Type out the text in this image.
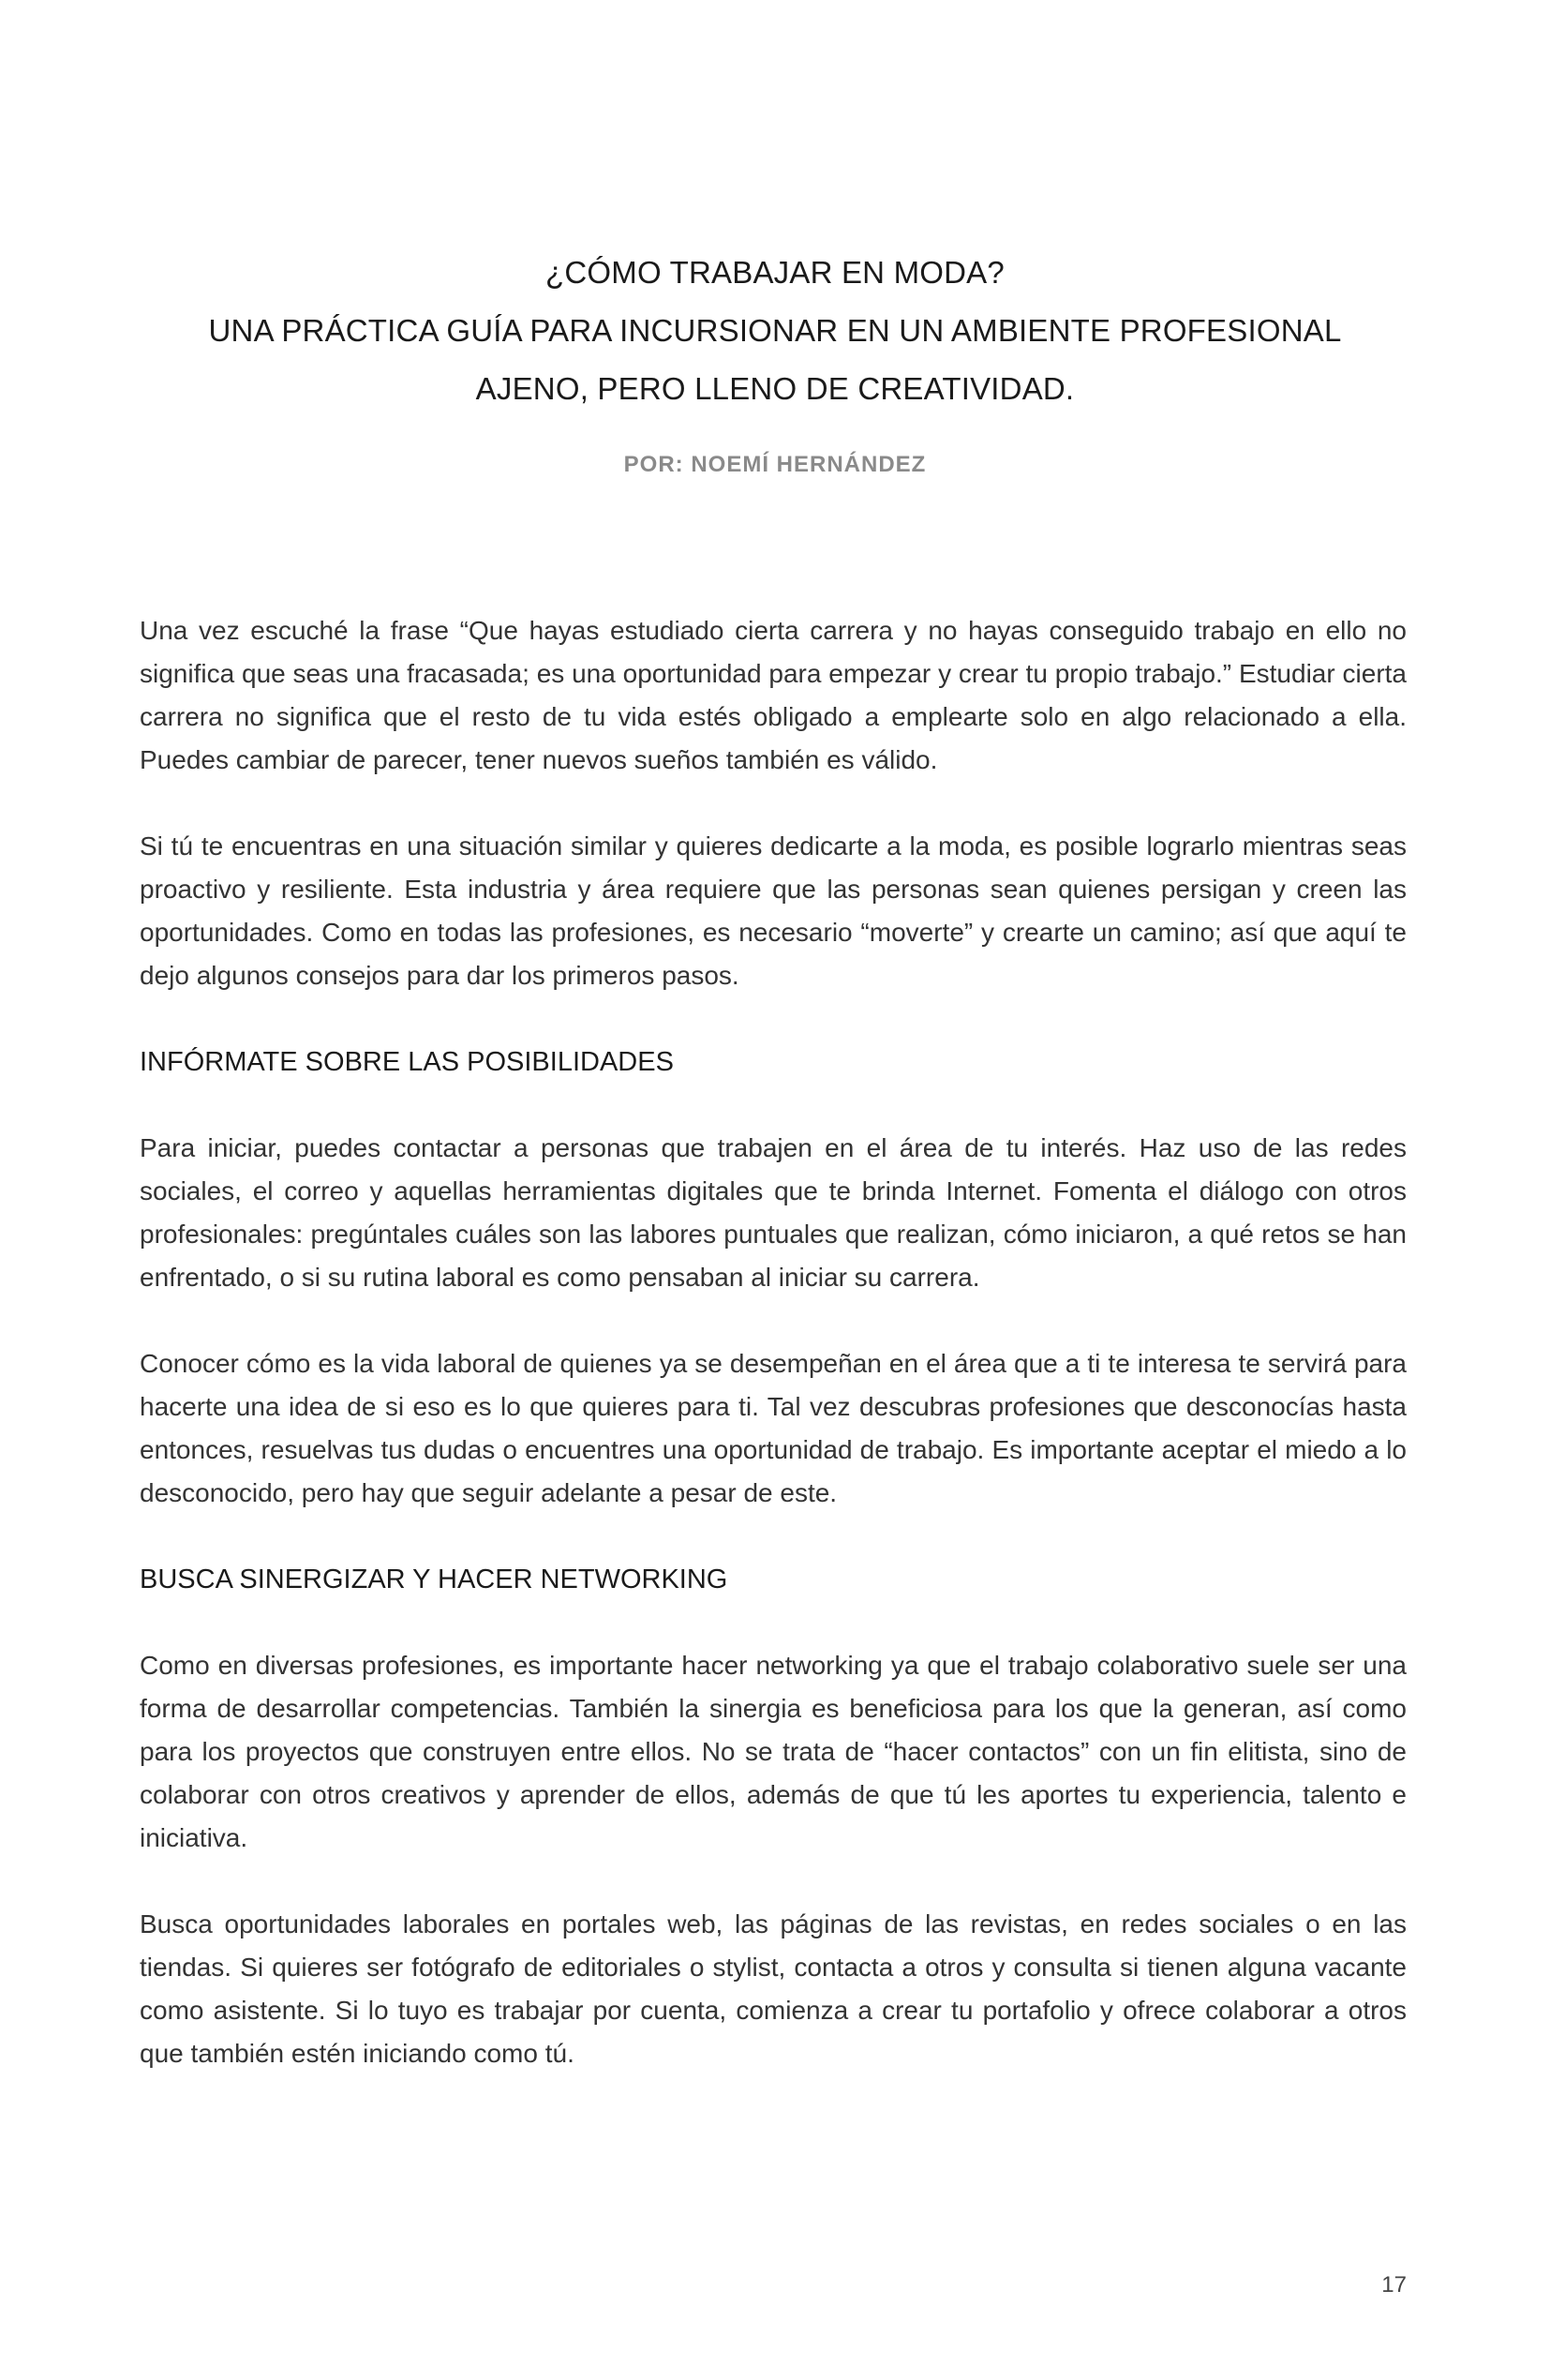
¿CÓMO TRABAJAR EN MODA?
UNA PRÁCTICA GUÍA PARA INCURSIONAR EN UN AMBIENTE PROFESIONAL
AJENO, PERO LLENO DE CREATIVIDAD.
POR: NOEMÍ HERNÁNDEZ

Una vez escuché la frase “Que hayas estudiado cierta carrera y no hayas conseguido trabajo en ello no significa que seas una fracasada; es una oportunidad para empezar y crear tu propio trabajo.” Estudiar cierta carrera no significa que el resto de tu vida estés obligado a emplearte solo en algo relacionado a ella. Puedes cambiar de parecer, tener nuevos sueños también es válido.

Si tú te encuentras en una situación similar y quieres dedicarte a la moda, es posible lograrlo mientras seas proactivo y resiliente. Esta industria y área requiere que las personas sean quienes persigan y creen las oportunidades. Como en todas las profesiones, es necesario “moverte” y crearte un camino; así que aquí te dejo algunos consejos para dar los primeros pasos.

INFÓRMATE SOBRE LAS POSIBILIDADES

Para iniciar, puedes contactar a personas que trabajen en el área de tu interés. Haz uso de las redes sociales, el correo y aquellas herramientas digitales que te brinda Internet. Fomenta el diálogo con otros profesionales: pregúntales cuáles son las labores puntuales que realizan, cómo iniciaron, a qué retos se han enfrentado, o si su rutina laboral es como pensaban al iniciar su carrera.

Conocer cómo es la vida laboral de quienes ya se desempeñan en el área que a ti te interesa te servirá para hacerte una idea de si eso es lo que quieres para ti. Tal vez descubras profesiones que desconocías hasta entonces, resuelvas tus dudas o encuentres una oportunidad de trabajo. Es importante aceptar el miedo a lo desconocido, pero hay que seguir adelante a pesar de este.

BUSCA SINERGIZAR Y HACER NETWORKING

Como en diversas profesiones, es importante hacer networking ya que el trabajo colaborativo suele ser una forma de desarrollar competencias. También la sinergia es beneficiosa para los que la generan, así como para los proyectos que construyen entre ellos. No se trata de “hacer contactos” con un fin elitista, sino de colaborar con otros creativos y aprender de ellos, además de que tú les aportes tu experiencia, talento e iniciativa.

Busca oportunidades laborales en portales web, las páginas de las revistas, en redes sociales o en las tiendas. Si quieres ser fotógrafo de editoriales o stylist, contacta a otros y consulta si tienen alguna vacante como asistente. Si lo tuyo es trabajar por cuenta, comienza a crear tu portafolio y ofrece colaborar a otros que también estén iniciando como tú.

17
